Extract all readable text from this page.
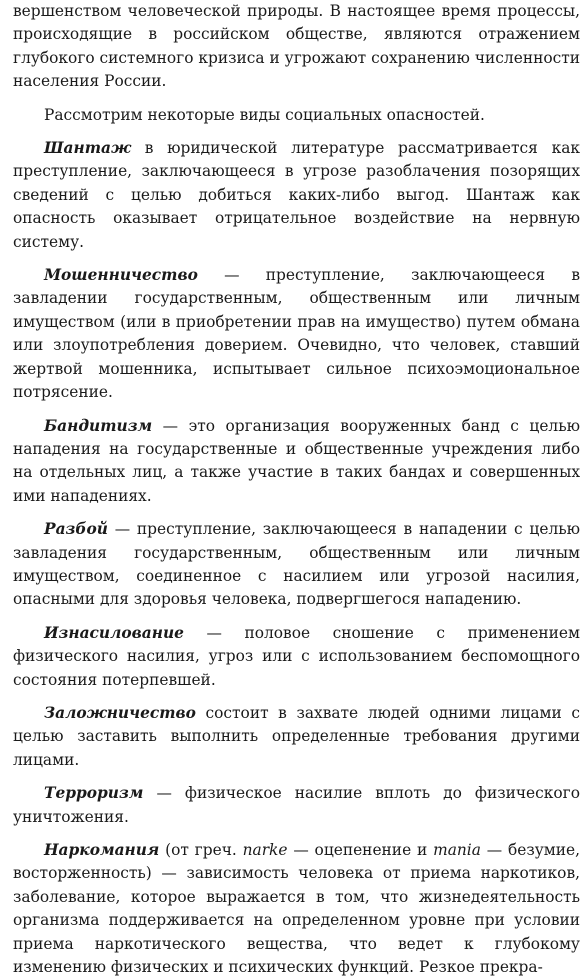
вершенством человеческой природы. В настоящее время процессы, происходящие в российском обществе, являются отражением глубокого системного кризиса и угрожают сохранению численности населения России.

Рассмотрим некоторые виды социальных опасностей.

Шантаж в юридической литературе рассматривается как преступление, заключающееся в угрозе разоблачения позорящих сведений с целью добиться каких-либо выгод. Шантаж как опасность оказывает отрицательное воздействие на нервную систему.

Мошенничество — преступление, заключающееся в завладении государственным, общественным или личным имуществом (или в приобретении прав на имущество) путем обмана или злоупотребления доверием. Очевидно, что человек, ставший жертвой мошенника, испытывает сильное психоэмоциональное потрясение.

Бандитизм — это организация вооруженных банд с целью нападения на государственные и общественные учреждения либо на отдельных лиц, а также участие в таких бандах и совершенных ими нападениях.

Разбой — преступление, заключающееся в нападении с целью завладения государственным, общественным или личным имуществом, соединенное с насилием или угрозой насилия, опасными для здоровья человека, подвергшегося нападению.

Изнасилование — половое сношение с применением физического насилия, угроз или с использованием беспомощного состояния потерпевшей.

Заложничество состоит в захвате людей одними лицами с целью заставить выполнить определенные требования другими лицами.

Терроризм — физическое насилие вплоть до физического уничтожения.

Наркомания (от греч. narke — оцепенение и mania — безумие, восторженность) — зависимость человека от приема наркотиков, заболевание, которое выражается в том, что жизнедеятельность организма поддерживается на определенном уровне при условии приема наркотического вещества, что ведет к глубокому изменению физических и психических функций. Резкое прекра-
